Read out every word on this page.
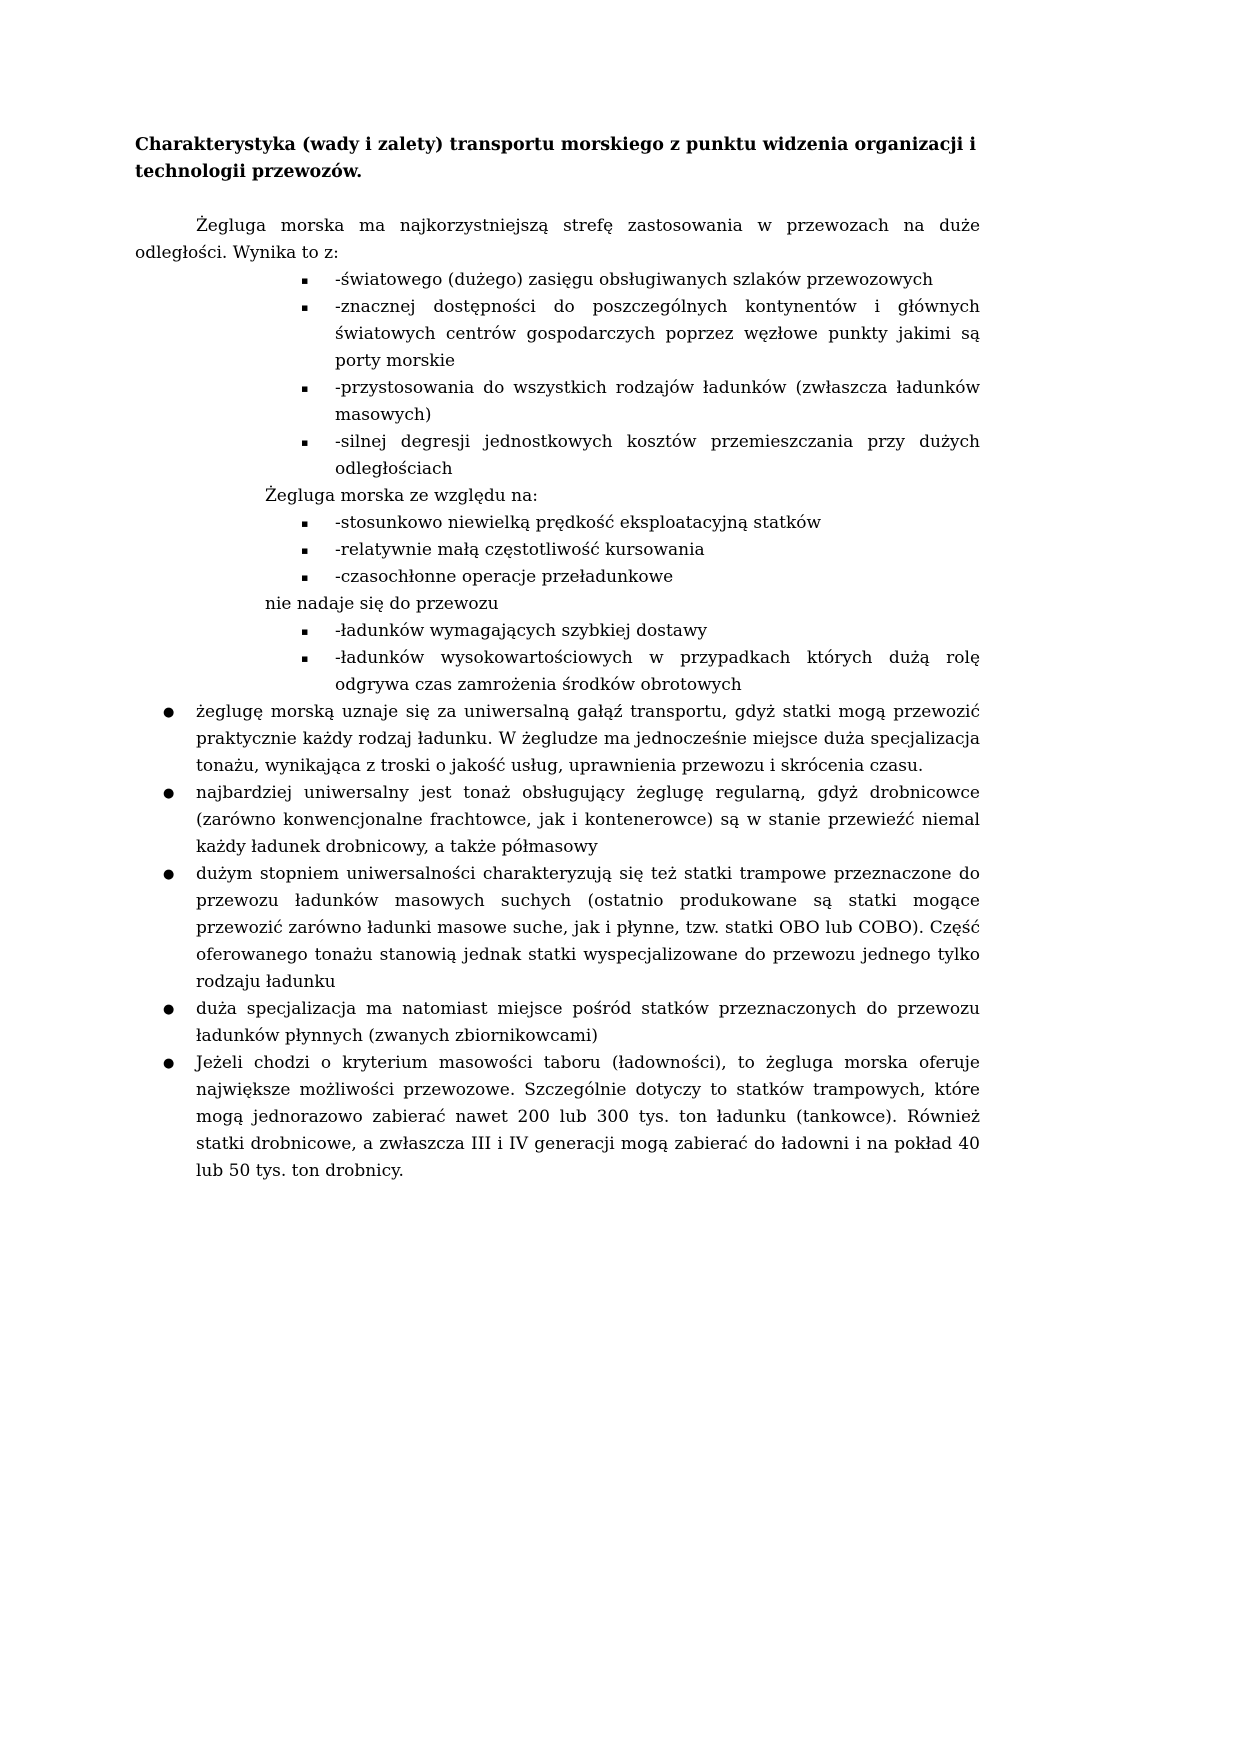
Charakterystyka (wady i zalety) transportu morskiego z punktu widzenia organizacji i technologii przewozów.
Żegluga morska ma najkorzystniejszą strefę zastosowania w przewozach na duże odległości. Wynika to z:
▪ -światowego (dużego) zasięgu obsługiwanych szlaków przewozowych
▪ -znacznej dostępności do poszczególnych kontynentów i głównych światowych centrów gospodarczych poprzez węzłowe punkty jakimi są porty morskie
▪ -przystosowania do wszystkich rodzajów ładunków (zwłaszcza ładunków masowych)
▪ -silnej degresji jednostkowych kosztów przemieszczania przy dużych odległościach
Żegluga morska ze względu na:
▪ -stosunkowo niewielką prędkość eksploatacyjną statków
▪ -relatywnie małą częstotliwość kursowania
▪ -czasochłonne operacje przeładunkowe
nie nadaje się do przewozu
▪ -ładunków wymagających szybkiej dostawy
▪ -ładunków wysokowartościowych w przypadkach których dużą rolę odgrywa czas zamrożenia środków obrotowych
● żeglugę morską uznaje się za uniwersalną gałąź transportu, gdyż statki mogą przewozić praktycznie każdy rodzaj ładunku. W żegludze ma jednocześnie miejsce duża specjalizacja tonażu, wynikająca z troski o jakość usług, uprawnienia przewozu i skrócenia czasu.
● najbardziej uniwersalny jest tonaż obsługujący żeglugę regularną, gdyż drobnicowce (zarówno konwencjonalne frachtowce, jak i kontenerowce) są w stanie przewieźć niemal każdy ładunek drobnicowy, a także półmasowy
● dużym stopniem uniwersalności charakteryzują się też statki trampowe przeznaczone do przewozu ładunków masowych suchych (ostatnio produkowane są statki mogące przewozić zarówno ładunki masowe suche, jak i płynne, tzw. statki OBO lub COBO). Część oferowanego tonażu stanowią jednak statki wyspecjalizowane do przewozu jednego tylko rodzaju ładunku
● duża specjalizacja ma natomiast miejsce pośród statków przeznaczonych do przewozu ładunków płynnych (zwanych zbiornikowcami)
● Jeżeli chodzi o kryterium masowości taboru (ładowności), to żegluga morska oferuje największe możliwości przewozowe. Szczególnie dotyczy to statków trampowych, które mogą jednorazowo zabierać nawet 200 lub 300 tys. ton ładunku (tankowce). Również statki drobnicowe, a zwłaszcza III i IV generacji mogą zabierać do ładowni i na pokład 40 lub 50 tys. ton drobnicy.
